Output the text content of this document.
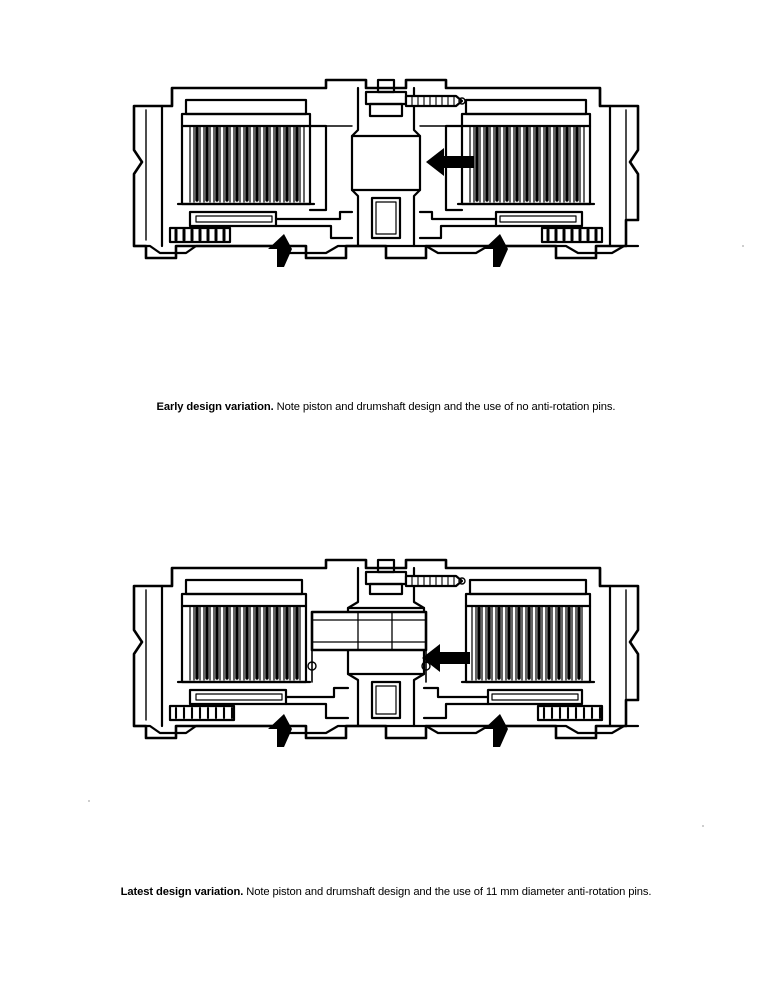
Early design variation. Note piston and drumshaft design and the use of no anti-rotation pins.
Latest design variation. Note piston and drumshaft design and the use of 11 mm diameter anti-rotation pins.
